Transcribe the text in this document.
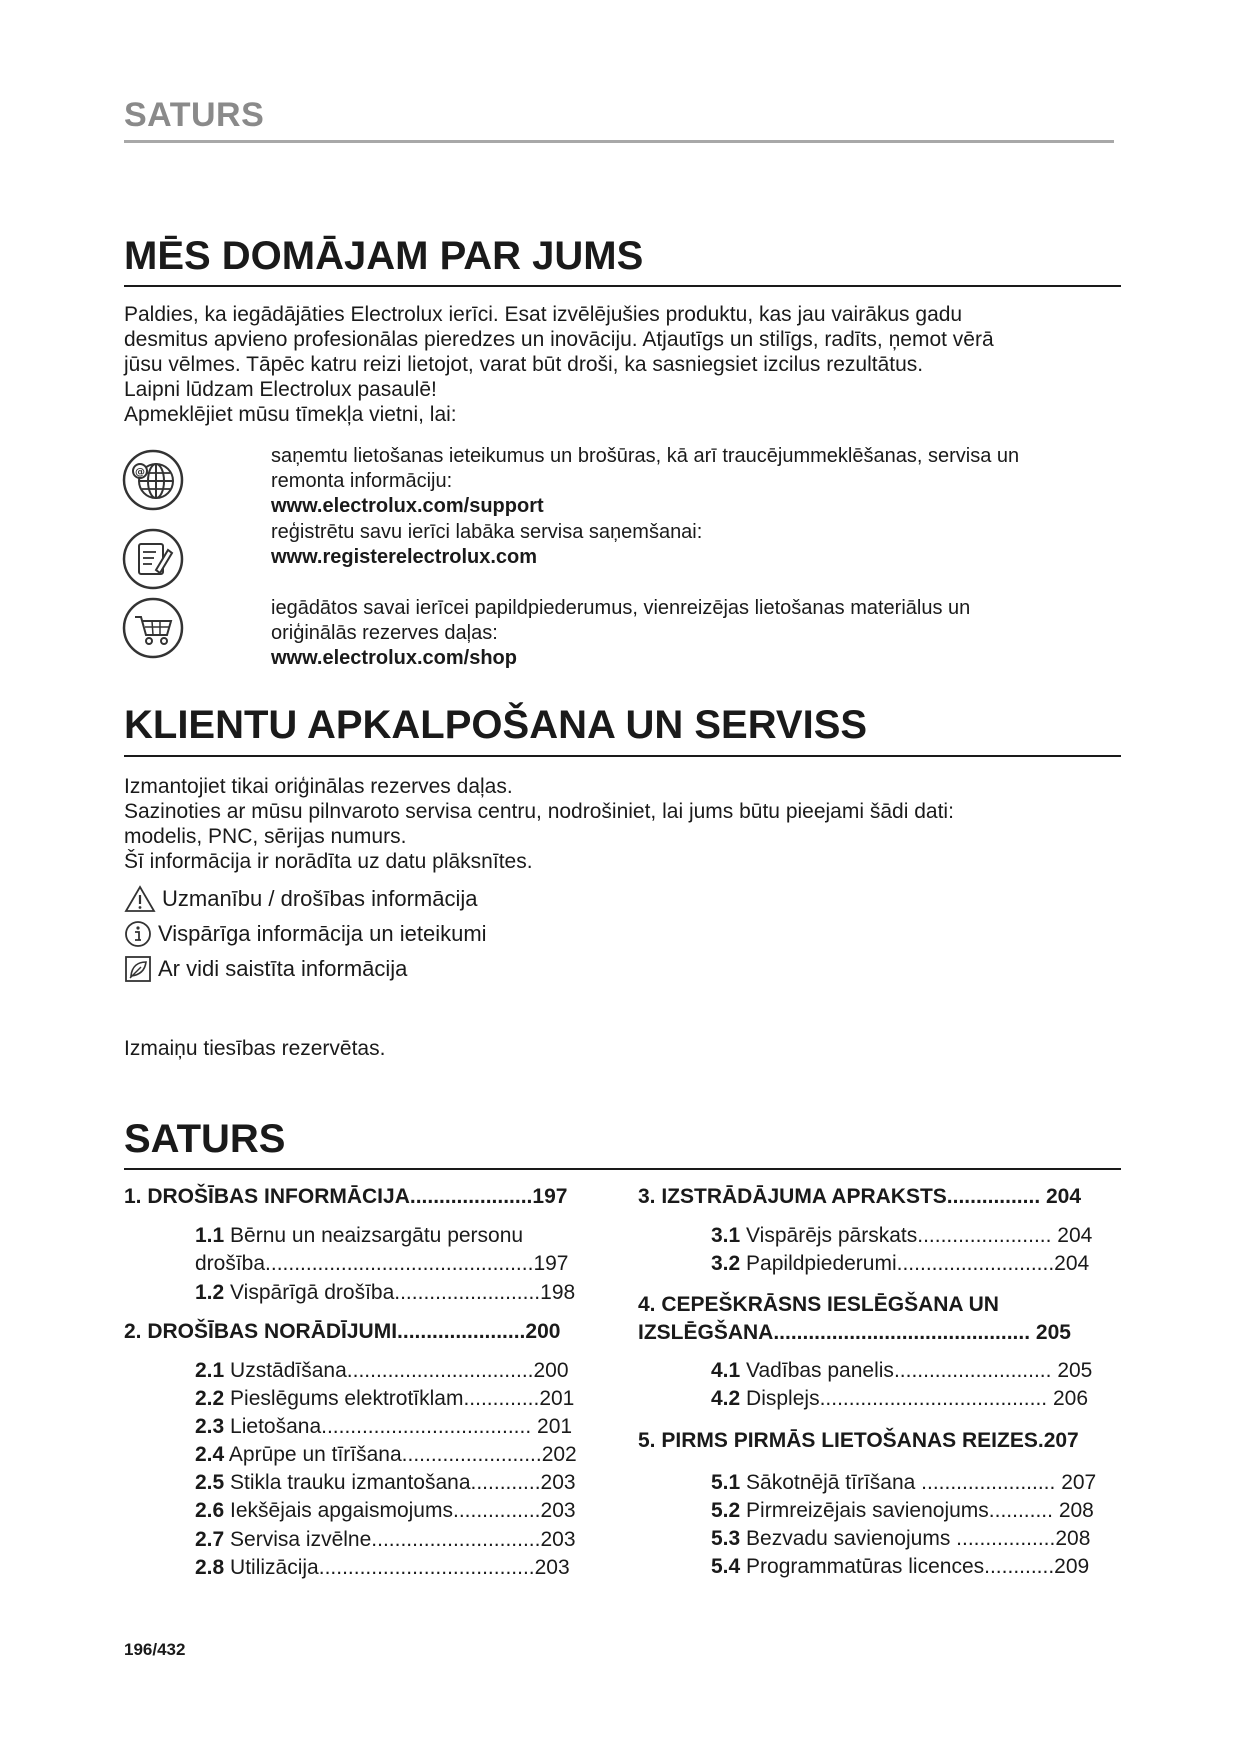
SATURS
MĒS DOMĀJAM PAR JUMS
Paldies, ka iegādājāties Electrolux ierīci. Esat izvēlējušies produktu, kas jau vairākus gadu
desmitus apvieno profesionālas pieredzes un inovāciju. Atjautīgs un stilīgs, radīts, ņemot vērā
jūsu vēlmes. Tāpēc katru reizi lietojot, varat būt droši, ka sasniegsiet izcilus rezultātus.
Laipni lūdzam Electrolux pasaulē!
Apmeklējiet mūsu tīmekļa vietni, lai:
@
saņemtu lietošanas ieteikumus un brošūras, kā arī traucējummeklēšanas, servisa un
remonta informāciju:
www.electrolux.com/support
reģistrētu savu ierīci labāka servisa saņemšanai:
www.registerelectrolux.com
iegādātos savai ierīcei papildpiederumus, vienreizējas lietošanas materiālus un
oriģinālās rezerves daļas:
www.electrolux.com/shop
KLIENTU APKALPOŠANA UN SERVISS
Izmantojiet tikai oriģinālas rezerves daļas.
Sazinoties ar mūsu pilnvaroto servisa centru, nodrošiniet, lai jums būtu pieejami šādi dati:
modelis, PNC, sērijas numurs.
Šī informācija ir norādīta uz datu plāksnītes.
Uzmanību / drošības informācija
Vispārīga informācija un ieteikumi
Ar vidi saistīta informācija
Izmaiņu tiesības rezervētas.
SATURS
1. DROŠĪBAS INFORMĀCIJA.....................197
1.1 Bērnu un neaizsargātu personu
drošība..............................................197
1.2 Vispārīgā drošība.........................198
2. DROŠĪBAS NORĀDĪJUMI......................200
2.1 Uzstādīšana................................200
2.2 Pieslēgums elektrotīklam.............201
2.3 Lietošana.................................... 201
2.4 Aprūpe un tīrīšana........................202
2.5 Stikla trauku izmantošana............203
2.6 Iekšējais apgaismojums...............203
2.7 Servisa izvēlne.............................203
2.8 Utilizācija.....................................203
3. IZSTRĀDĀJUMA APRAKSTS................ 204
3.1 Vispārējs pārskats....................... 204
3.2 Papildpiederumi...........................204
4. CEPEŠKRĀSNS IESLĒGŠANA UN
IZSLĒGŠANA............................................ 205
4.1 Vadības panelis........................... 205
4.2 Displejs....................................... 206
5. PIRMS PIRMĀS LIETOŠANAS REIZES.207
5.1 Sākotnējā tīrīšana ....................... 207
5.2 Pirmreizējais savienojums........... 208
5.3 Bezvadu savienojums .................208
5.4 Programmatūras licences............209
196/432
